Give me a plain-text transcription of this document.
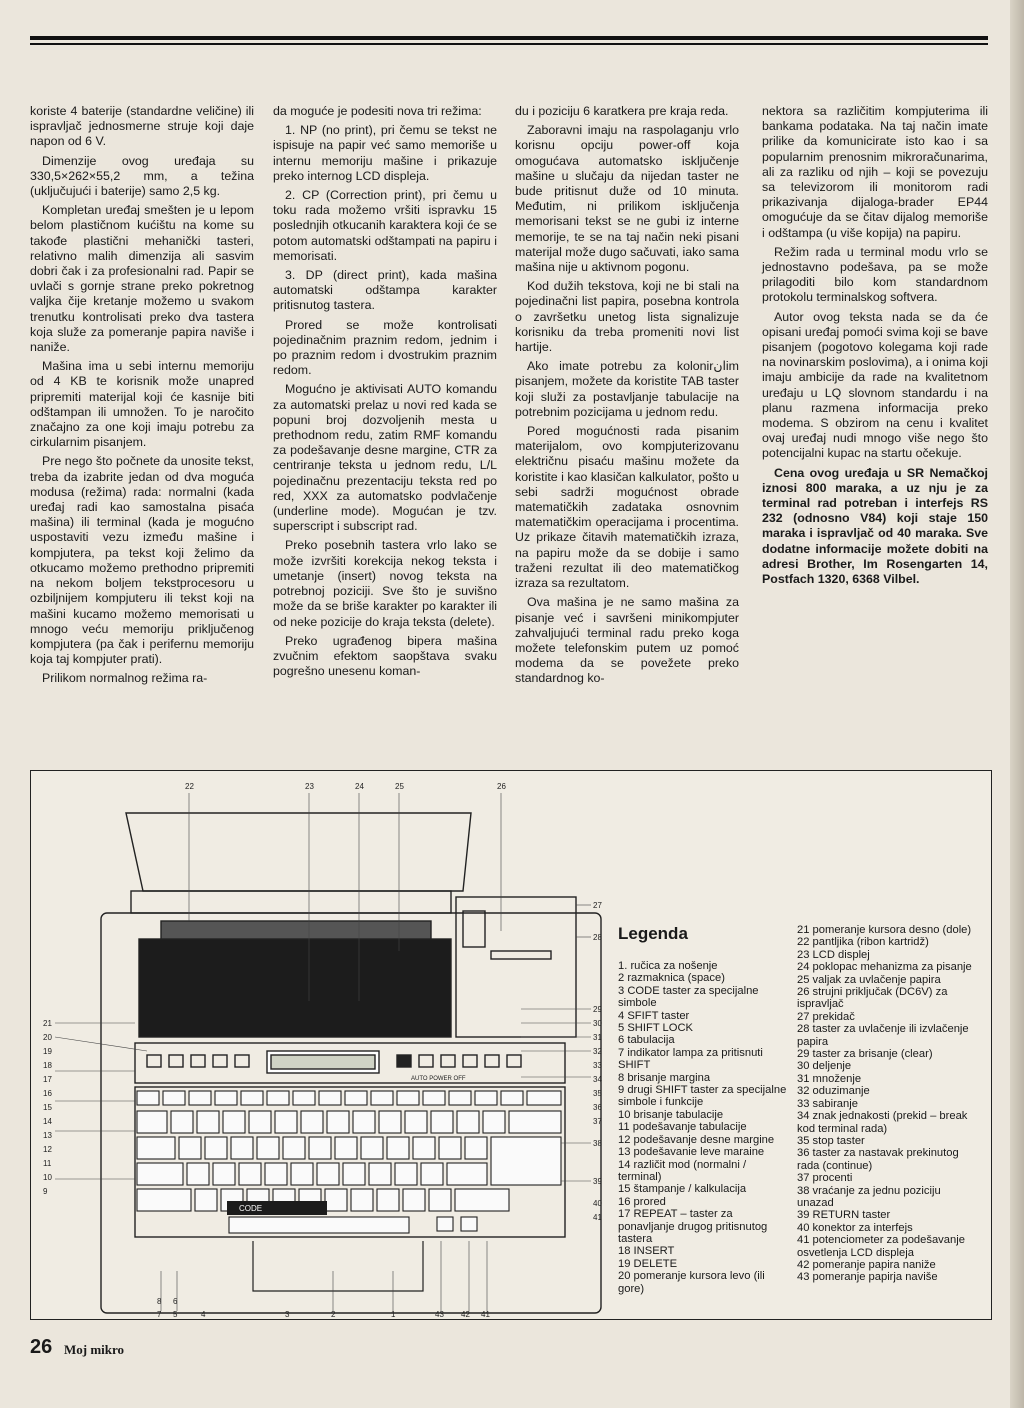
koriste 4 baterije (standardne veličine) ili ispravljač jednosmerne struje koji daje napon od 6 V.

Dimenzije ovog uređaja su 330,5×262×55,2 mm, a težina (uključujući i baterije) samo 2,5 kg.

Kompletan uređaj smešten je u lepom belom plastičnom kućištu na kome su takođe plastični mehanički tasteri, relativno malih dimenzija ali sasvim dobri čak i za profesionalni rad. Papir se uvlači s gornje strane preko pokretnog valjka čije kretanje možemo u svakom trenutku kontrolisati preko dva tastera koja služe za pomeranje papira naviše i naniže.

Mašina ima u sebi internu memoriju od 4 KB te korisnik može unapred pripremiti materijal koji će kasnije biti odštampan ili umnožen. To je naročito značajno za one koji imaju potrebu za cirkularnim pisanjem.

Pre nego što počnete da unosite tekst, treba da izabrite jedan od dva moguća modusa (režima) rada: normalni (kada uređaj radi kao samostalna pisaća mašina) ili terminal (kada je mogućno uspostaviti vezu između mašine i kompjutera, pa tekst koji želimo da otkucamo možemo prethodno pripremiti na nekom boljem tekstprocesoru u ozbiljnijem kompjuteru ili tekst koji na mašini kucamo možemo memorisati u mnogo veću memoriju priključenog kompjutera (pa čak i perifernu memoriju koja taj kompjuter prati).

Prilikom normalnog režima ra-

da moguće je podesiti nova tri režima:

1. NP (no print), pri čemu se tekst ne ispisuje na papir već samo memoriše u internu memoriju mašine i prikazuje preko internog LCD displeja.

2. CP (Correction print), pri čemu u toku rada možemo vršiti ispravku 15 poslednjih otkucanih karaktera koji će se potom automatski odštampati na papiru i memorisati.

3. DP (direct print), kada mašina automatski odštampa karakter pritisnutog tastera.

Prored se može kontrolisati pojedinačnim praznim redom, jednim i po praznim redom i dvostrukim praznim redom.

Mogućno je aktivisati AUTO komandu za automatski prelaz u novi red kada se popuni broj dozvoljenih mesta u prethodnom redu, zatim RMF komandu za podešavanje desne margine, CTR za centriranje teksta u jednom redu, L/L pojedinačnu prezentaciju teksta red po red, XXX za automatsko podvlačenje (underline mode). Mogućan je tzv. superscript i subscript rad.

Preko posebnih tastera vrlo lako se može izvršiti korekcija nekog teksta i umetanje (insert) novog teksta na potrebnoj poziciji. Sve što je suvišno može da se briše karakter po karakter ili od neke pozicije do kraja teksta (delete).

Preko ugrađenog bipera mašina zvučnim efektom saopštava svaku pogrešno unesenu koman-

du i poziciju 6 karatkera pre kraja reda.

Zaboravni imaju na raspolaganju vrlo korisnu opciju power-off koja omogućava automatsko isključenje mašine u slučaju da nijedan taster ne bude pritisnut duže od 10 minuta. Međutim, ni prilikom isključenja memorisani tekst se ne gubi iz interne memorije, te se na taj način neki pisani materijal može dugo sačuvati, iako sama mašina nije u aktivnom pogonu.

Kod dužih tekstova, koji ne bi stali na pojedinačni list papira, posebna kontrola o završetku unetog lista signalizuje korisniku da treba promeniti novi list hartije.

Ako imate potrebu za kolonirانim pisanjem, možete da koristite TAB taster koji služi za postavljanje tabulacije na potrebnim pozicijama u jednom redu.

Pored mogućnosti rada pisanim materijalom, ovo kompjuterizovanu električnu pisaću mašinu možete da koristite i kao klasičan kalkulator, pošto u sebi sadrži mogućnost obrade matematičkih zadataka osnovnim matematičkim operacijama i procentima. Uz prikaze čitavih matematičkih izraza, na papiru može da se dobije i samo traženi rezultat ili deo matematičkog izraza sa rezultatom.

Ova mašina je ne samo mašina za pisanje već i savršeni minikompjuter zahvaljujući terminal radu preko koga možete telefonskim putem uz pomoć modema da se povežete preko standardnog ko-

nektora sa različitim kompjuterima ili bankama podataka. Na taj način imate prilike da komunicirate isto kao i sa popularnim prenosnim mikroračunarima, ali za razliku od njih – koji se povezuju sa televizorom ili monitorom radi prikazivanja dijaloga-brader EP44 omogućuje da se čitav dijalog memoriše i odštampa (u više kopija) na papiru.

Režim rada u terminal modu vrlo se jednostavno podešava, pa se može prilagoditi bilo kom standardnom protokolu terminalskog softvera.

Autor ovog teksta nada se da će opisani uređaj pomoći svima koji se bave pisanjem (pogotovo kolegama koji rade na novinarskim poslovima), a i onima koji imaju ambicije da rade na kvalitetnom uređaju u LQ slovnom standardu i na planu razmena informacija preko modema. S obzirom na cenu i kvalitet ovaj uređaj nudi mnogo više nego što potencijalni kupac na startu očekuje.

Cena ovog uređaja u SR Nemačkoj iznosi 800 maraka, a uz nju je za terminal rad potreban i interfejs RS 232 (odnosno V84) koji staje 150 maraka i ispravljač od 40 maraka. Sve dodatne informacije možete dobiti na adresi Brother, Im Rosengarten 14, Postfach 1320, 6368 Vilbel.

CODE
AUTO POWER OFF
22	23	24	25	26
27
28
29
30
31
32
33
34
35
36
37
38
39
40
41
21
20
19
18
17
16
15
14
13
12
11
10
9
8 6
7 5	4	3	2	1	43 42 41
Legenda
1. ručica za nošenje
2 razmaknica (space)
3 CODE taster za specijalne simbole
4 SFIFT taster
5 SHIFT LOCK
6 tabulacija
7 indikator lampa za pritisnuti SHIFT
8 brisanje margina
9 drugi SHIFT taster za specijalne simbole i funkcije
10 brisanje tabulacije
11 podešavanje tabulacije
12 podešavanje desne margine
13 podešavanie leve maraine
14 različit mod (normalni / terminal)
15 štampanje / kalkulacija
16 prored
17 REPEAT – taster za ponavljanje drugog pritisnutog tastera
18 INSERT
19 DELETE
20 pomeranje kursora levo (ili gore)
21 pomeranje kursora desno (dole)
22 pantljika (ribon kartridž)
23 LCD displej
24 poklopac mehanizma za pisanje
25 valjak za uvlačenje papira
26 strujni priključak (DC6V) za ispravljač
27 prekidač
28 taster za uvlačenje ili izvlačenje papira
29 taster za brisanje (clear)
30 deljenje
31 množenje
32 oduzimanje
33 sabiranje
34 znak jednakosti (prekid – break kod terminal rada)
35 stop taster
36 taster za nastavak prekinutog rada (continue)
37 procenti
38 vraćanje za jednu poziciju unazad
39 RETURN taster
40 konektor za interfejs
41 potenciometer za podešavanje osvetlenja LCD displeja
42 pomeranje papira naniže
43 pomeranje papirja naviše
26 Moj mikro
